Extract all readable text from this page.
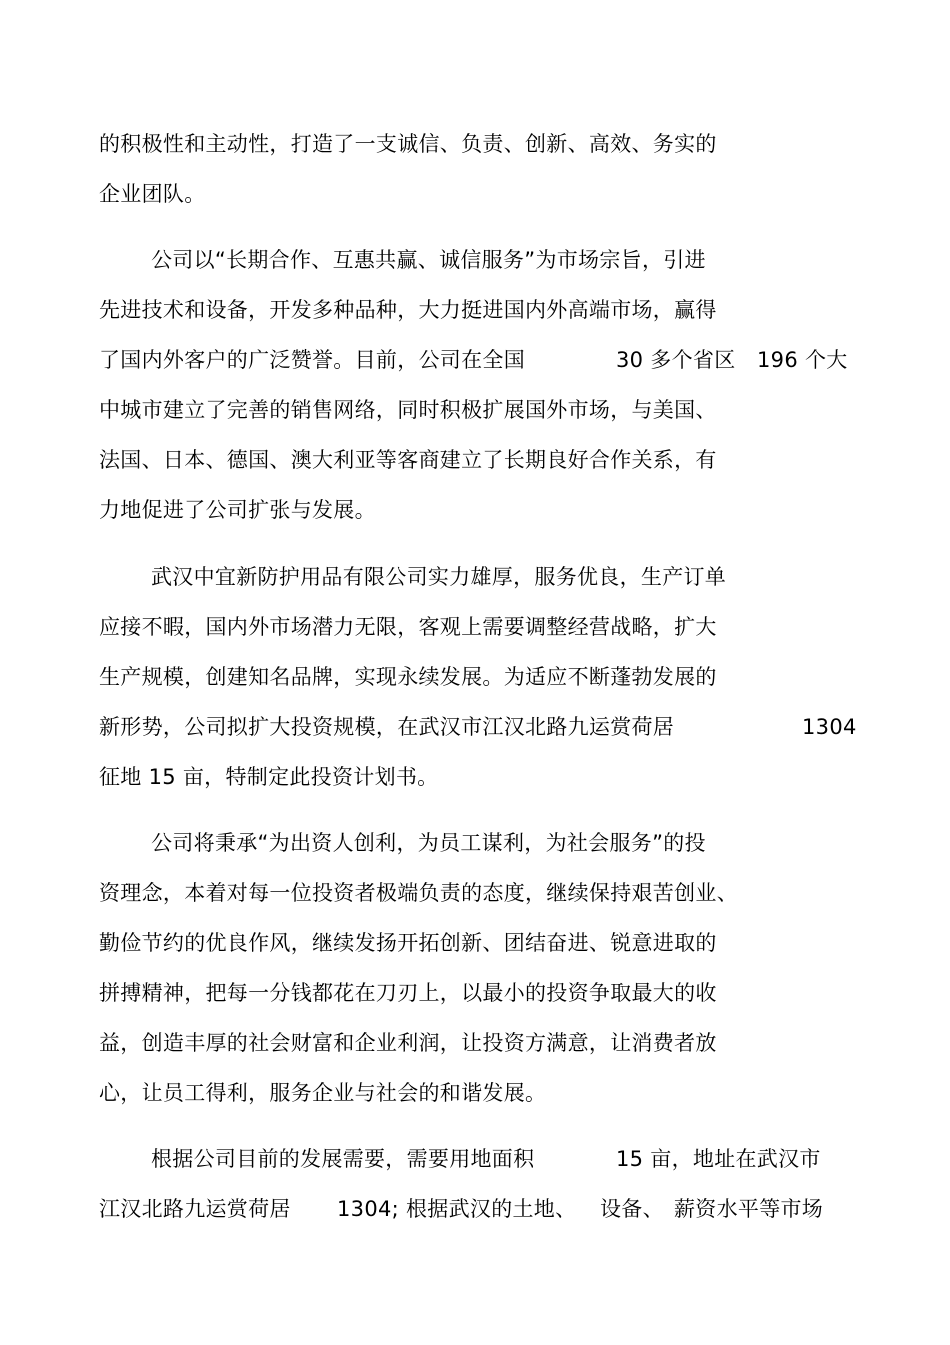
的积极性和主动性，打造了一支诚信、负责、创新、高效、务实的
企业团队。
公司以“长期合作、互惠共赢、诚信服务”为市场宗旨，引进
先进技术和设备，开发多种品种，大力挺进国内外高端市场，赢得
了国内外客户的广泛赞誉。目前，公司在全国	30 多个省区 196 个大
中城市建立了完善的销售网络，同时积极扩展国外市场，与美国、
法国、日本、德国、澳大利亚等客商建立了长期良好合作关系，有
力地促进了公司扩张与发展。
武汉中宜新防护用品有限公司实力雄厚，服务优良，生产订单
应接不暇，国内外市场潜力无限，客观上需要调整经营战略，扩大
生产规模，创建知名品牌，实现永续发展。为适应不断蓬勃发展的
新形势，公司拟扩大投资规模，在武汉市江汉北路九运赏荷居	1304
征地 15 亩，特制定此投资计划书。
公司将秉承“为出资人创利，为员工谋利，为社会服务”的投
资理念，本着对每一位投资者极端负责的态度，继续保持艰苦创业、
勤俭节约的优良作风，继续发扬开拓创新、团结奋进、锐意进取的
拼搏精神，把每一分钱都花在刀刃上，以最小的投资争取最大的收
益，创造丰厚的社会财富和企业利润，让投资方满意，让消费者放
心，让员工得利，服务企业与社会的和谐发展。
根据公司目前的发展需要，需要用地面积	15 亩，地址在武汉市
江汉北路九运赏荷居 1304; 根据武汉的土地、 设备、 薪资水平等市场
